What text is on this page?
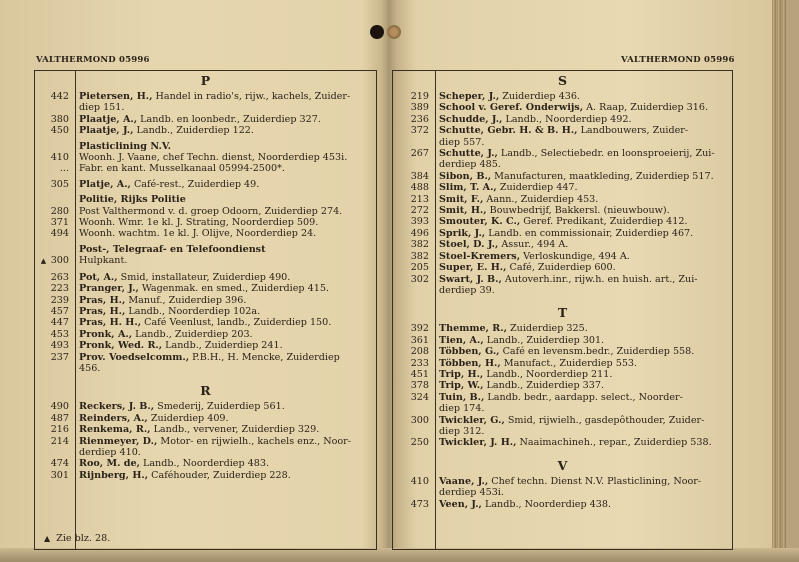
VALTHERMOND 05996	VALTHERMOND 05996
P
442	Pietersen, H., Handel in radio's, rijw., kachels, Zuider-
diep 151.
380	Plaatje, A., Landb. en loonbedr., Zuiderdiep 327.
450	Plaatje, J., Landb., Zuiderdiep 122.
Plasticlining N.V.
410	Woonh. J. Vaane, chef Techn. dienst, Noorderdiep 453i.
...	Fabr. en kant. Musselkanaal 05994-2500*.
305	Platje, A., Café-rest., Zuiderdiep 49.
Politie, Rijks Politie
280	Post Valthermond v. d. groep Odoorn, Zuiderdiep 274.
371	Woonh. Wmr. 1e kl. J. Strating, Noorderdiep 509.
494	Woonh. wachtm. 1e kl. J. Olijve, Noorderdiep 24.
Post-, Telegraaf- en Telefoondienst
▲ 300	Hulpkant.
263	Pot, A., Smid, installateur, Zuiderdiep 490.
223	Pranger, J., Wagenmak. en smed., Zuiderdiep 415.
239	Pras, H., Manuf., Zuiderdiep 396.
457	Pras, H., Landb., Noorderdiep 102a.
447	Pras, H. H., Café Veenlust, landb., Zuiderdiep 150.
453	Pronk, A., Landb., Zuiderdiep 203.
493	Pronk, Wed. R., Landb., Zuiderdiep 241.
237	Prov. Voedselcomm., P.B.H., H. Mencke, Zuiderdiep
456.
R
490	Reckers, J. B., Smederij, Zuiderdiep 561.
487	Reinders, A., Zuiderdiep 409.
216	Renkema, R., Landb., vervener, Zuiderdiep 329.
214	Rienmeyer, D., Motor- en rijwielh., kachels enz., Noor-
derdiep 410.
474	Roo, M. de, Landb., Noorderdiep 483.
301	Rijnberg, H., Caféhouder, Zuiderdiep 228.
S
219	Scheper, J., Zuiderdiep 436.
389	School v. Geref. Onderwijs, A. Raap, Zuiderdiep 316.
236	Schudde, J., Landb., Noorderdiep 492.
372	Schutte, Gebr. H. & B. H., Landbouwers, Zuider-
diep 557.
267	Schutte, J., Landb., Selectiebedr. en loonsproeierij, Zui-
derdiep 485.
384	Sibon, B., Manufacturen, maatkleding, Zuiderdiep 517.
488	Slim, T. A., Zuiderdiep 447.
213	Smit, F., Aann., Zuiderdiep 453.
272	Smit, H., Bouwbedrijf, Bakkersl. (nieuwbouw).
393	Smouter, K. C., Geref. Predikant, Zuiderdiep 412.
496	Sprik, J., Landb. en commissionair, Zuiderdiep 467.
382	Stoel, D. J., Assur., 494 A.
382	Stoel-Kremers, Verloskundige, 494 A.
205	Super, E. H., Café, Zuiderdiep 600.
302	Swart, J. B., Autoverh.inr., rijw.h. en huish. art., Zui-
derdiep 39.
T
392	Themme, R., Zuiderdiep 325.
361	Tien, A., Landb., Zuiderdiep 301.
208	Többen, G., Café en levensm.bedr., Zuiderdiep 558.
233	Többen, H., Manufact., Zuiderdiep 553.
451	Trip, H., Landb., Noorderdiep 211.
378	Trip, W., Landb., Zuiderdiep 337.
324	Tuin, B., Landb. bedr., aardapp. select., Noorder-
diep 174.
300	Twickler, G., Smid, rijwielh., gasdepôthouder, Zuider-
diep 312.
250	Twickler, J. H., Naaimachineh., repar., Zuiderdiep 538.
V
410	Vaane, J., Chef techn. Dienst N.V. Plasticlining, Noor-
derdiep 453i.
473	Veen, J., Landb., Noorderdiep 438.
▲ Zie blz. 28.
